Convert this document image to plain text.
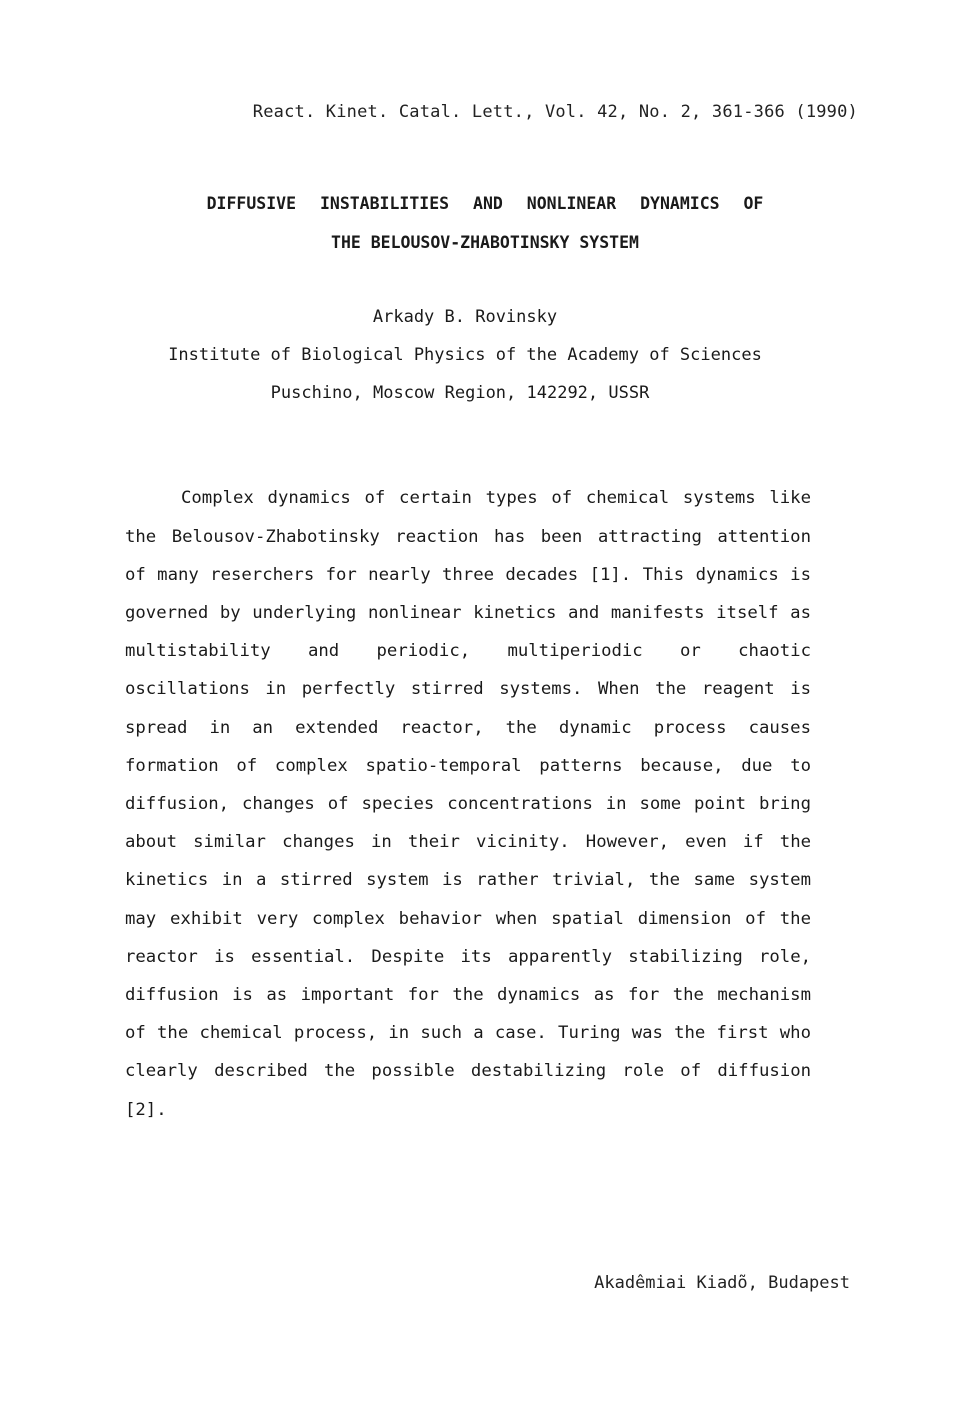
React. Kinet. Catal. Lett., Vol. 42, No. 2, 361-366 (1990)
DIFFUSIVE INSTABILITIES AND NONLINEAR DYNAMICS OF
THE BELOUSOV-ZHABOTINSKY SYSTEM
Arkady B. Rovinsky
Institute of Biological Physics of the Academy of Sciences
Puschino, Moscow Region, 142292, USSR

Complex dynamics of certain types of chemical systems like the Belousov-Zhabotinsky reaction has been attracting attention of many reserchers for nearly three decades [1]. This dynamics is governed by underlying nonlinear kinetics and manifests itself as multistability and periodic, multiperiodic or chaotic oscillations in perfectly stirred systems. When the reagent is spread in an extended reactor, the dynamic process causes formation of complex spatio-temporal patterns because, due to diffusion, changes of species concentrations in some point bring about similar changes in their vicinity. However, even if the kinetics in a stirred system is rather trivial, the same system may exhibit very complex behavior when spatial dimension of the reactor is essential. Despite its apparently stabilizing role, diffusion is as important for the dynamics as for the mechanism of the chemical process, in such a case. Turing was the first who clearly described the possible destabilizing role of diffusion [2].

Akadêmiai Kiadõ, Budapest
